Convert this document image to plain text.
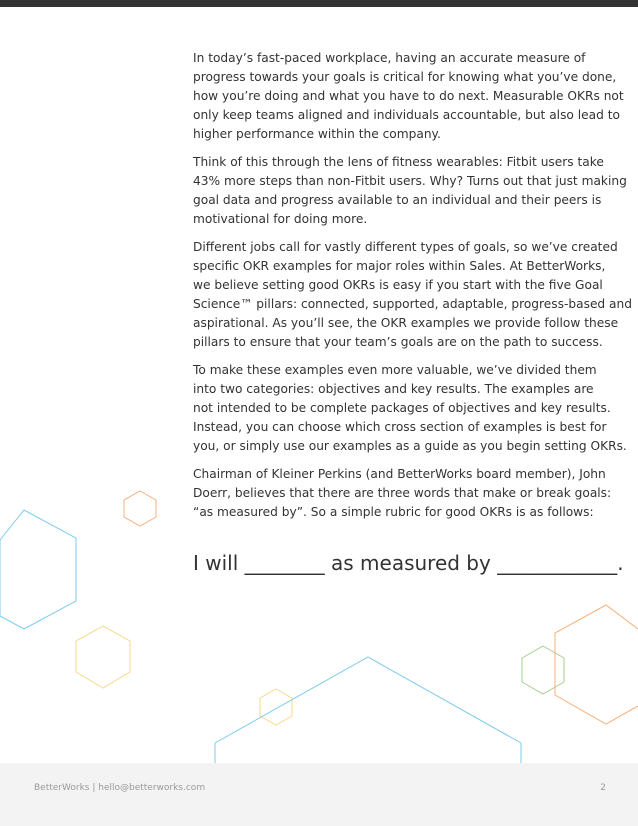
In today’s fast-paced workplace, having an accurate measure of
progress towards your goals is critical for knowing what you’ve done,
how you’re doing and what you have to do next. Measurable OKRs not
only keep teams aligned and individuals accountable, but also lead to
higher performance within the company.

Think of this through the lens of fitness wearables: Fitbit users take
43% more steps than non-Fitbit users. Why? Turns out that just making
goal data and progress available to an individual and their peers is
motivational for doing more.

Different jobs call for vastly different types of goals, so we’ve created
specific OKR examples for major roles within Sales. At BetterWorks,
we believe setting good OKRs is easy if you start with the five Goal
Science™ pillars: connected, supported, adaptable, progress-based and
aspirational. As you’ll see, the OKR examples we provide follow these
pillars to ensure that your team’s goals are on the path to success.

To make these examples even more valuable, we’ve divided them
into two categories: objectives and key results. The examples are
not intended to be complete packages of objectives and key results.
Instead, you can choose which cross section of examples is best for
you, or simply use our examples as a guide as you begin setting OKRs.

Chairman of Kleiner Perkins (and BetterWorks board member), John
Doerr, believes that there are three words that make or break goals:
“as measured by”. So a simple rubric for good OKRs is as follows:

I will ________ as measured by ____________.
BetterWorks | hello@betterworks.com	2
